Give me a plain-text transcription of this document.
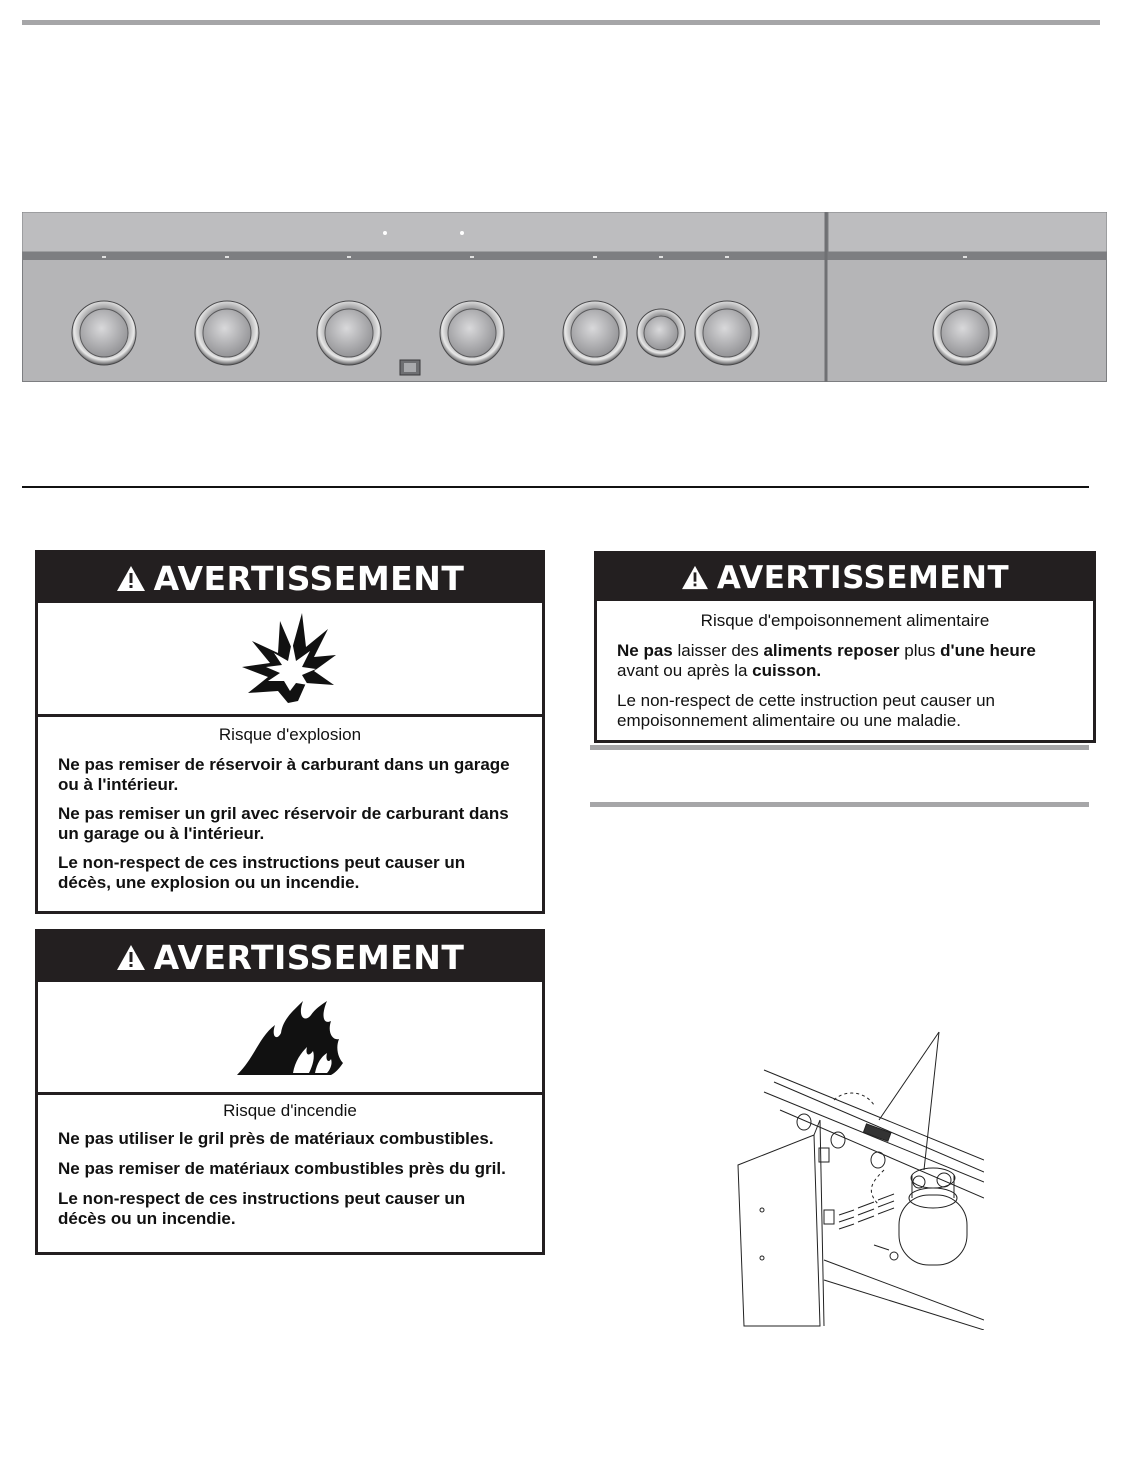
AVERTISSEMENT
Risque d'explosion

Ne pas remiser de réservoir à carburant dans un garage ou à l'intérieur.

Ne pas remiser un gril avec réservoir de carburant dans un garage ou à l'intérieur.

Le non-respect de ces instructions peut causer un décès, une explosion ou un incendie.

AVERTISSEMENT
Risque d'incendie

Ne pas utiliser le gril près de matériaux combustibles.

Ne pas remiser de matériaux combustibles près du gril.

Le non-respect de ces instructions peut causer un décès ou un incendie.

AVERTISSEMENT
Risque d'empoisonnement alimentaire

Ne pas laisser des aliments reposer plus d'une heure

avant ou après la cuisson.

Le non-respect de cette instruction peut causer un

empoisonnement alimentaire ou une maladie.
